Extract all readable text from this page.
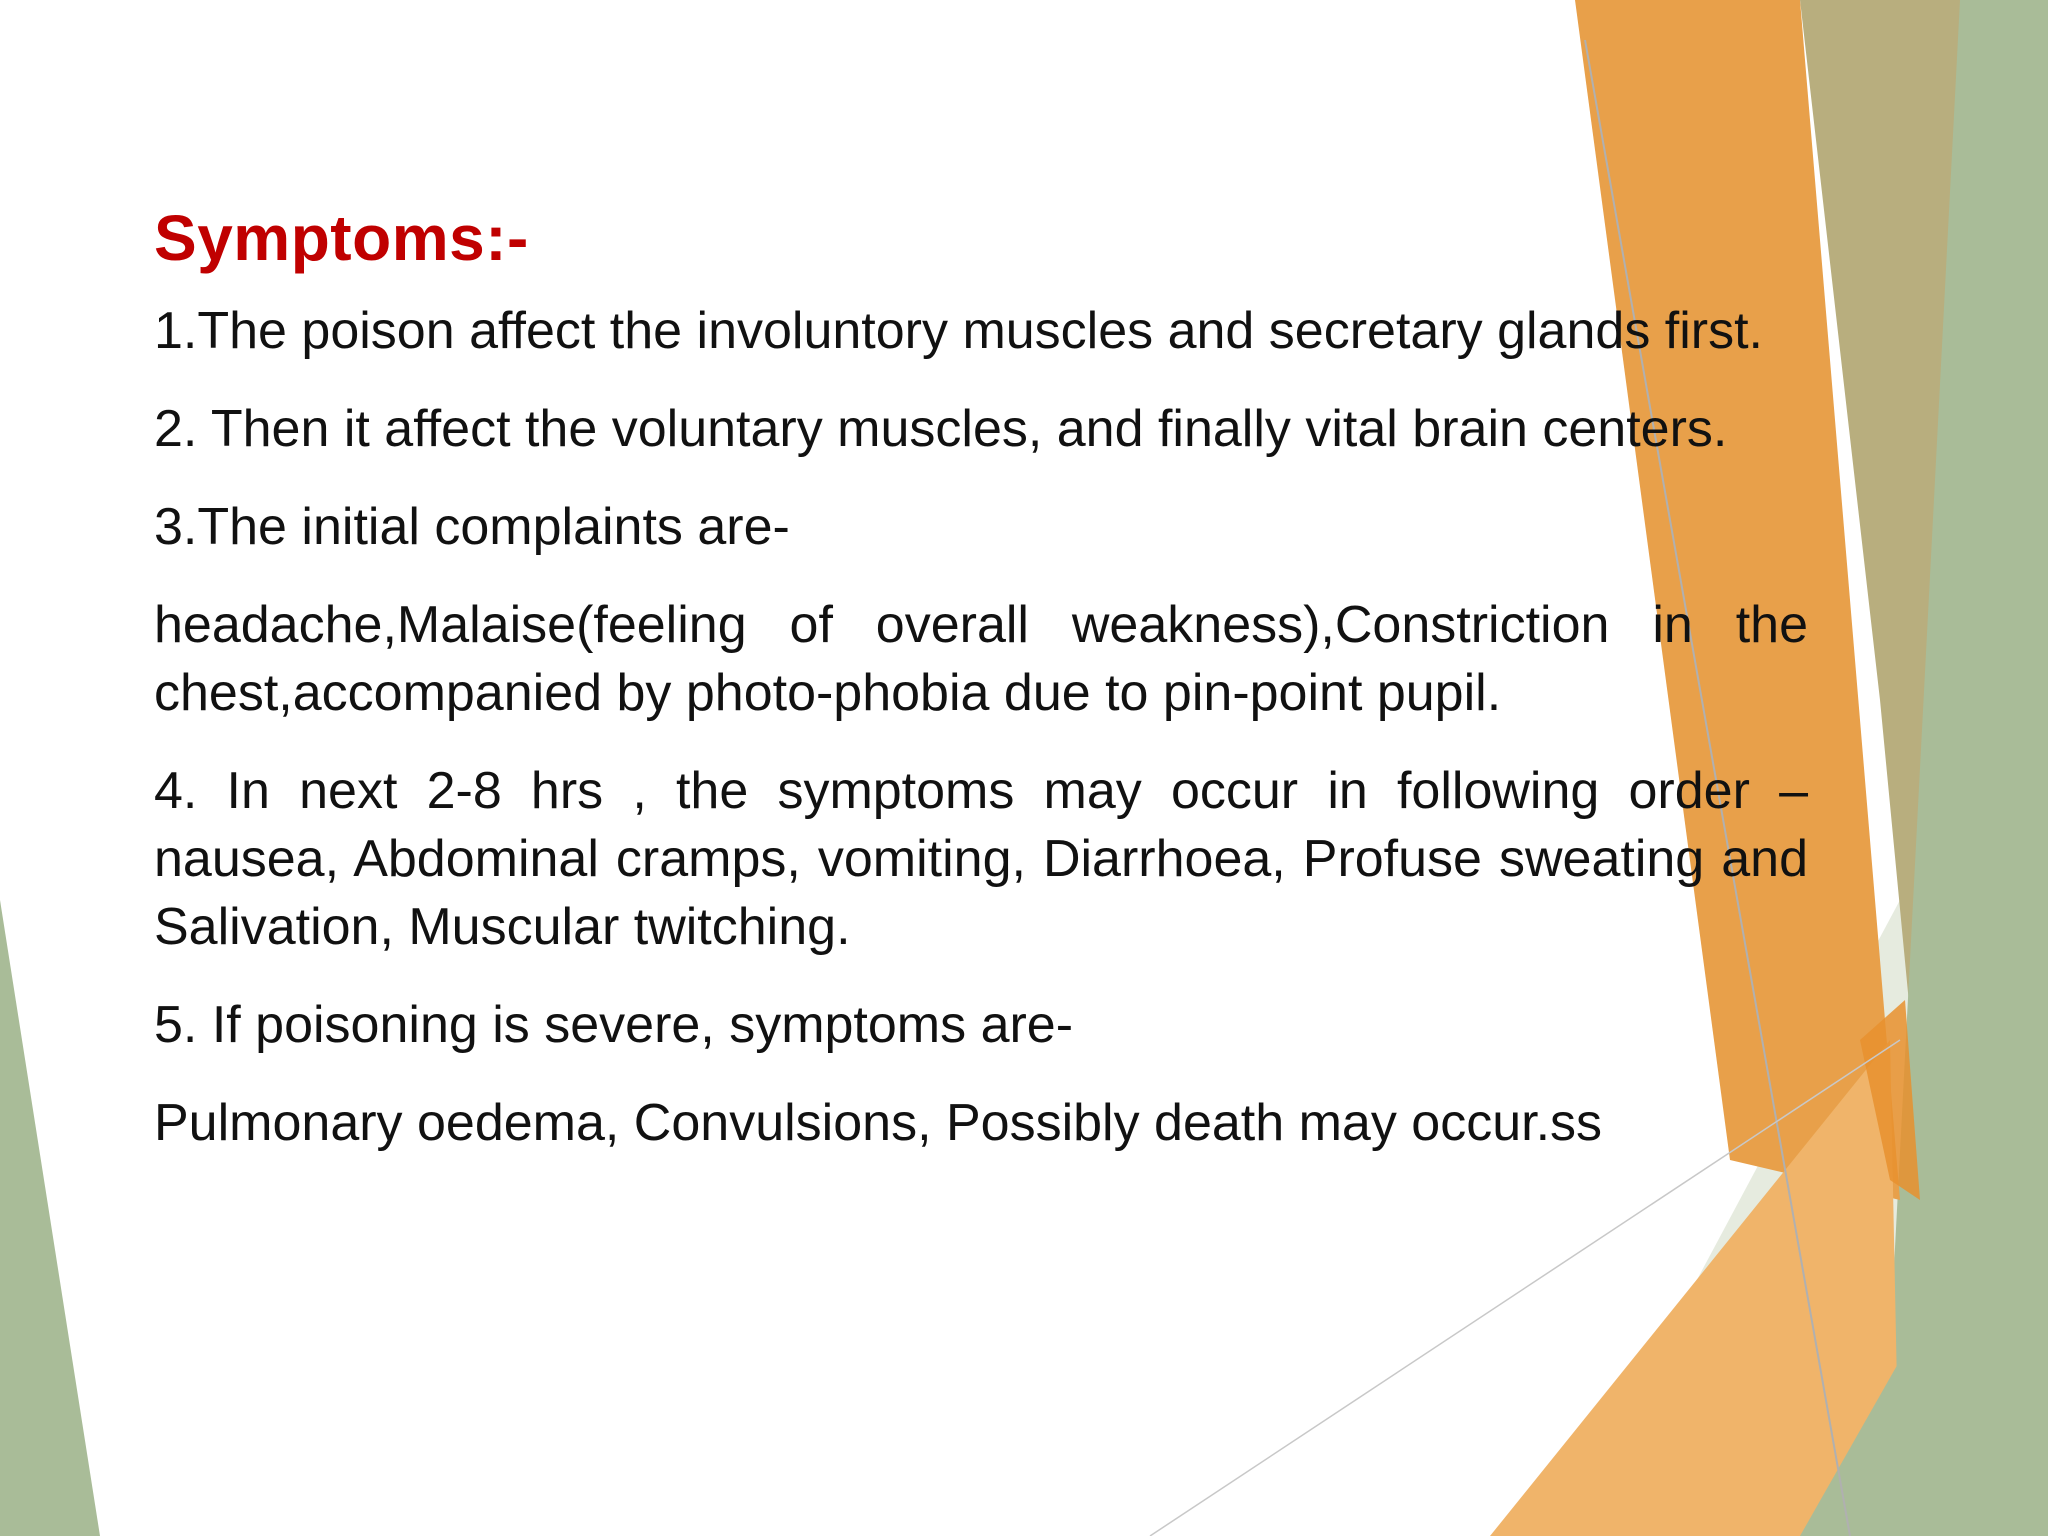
Symptoms:-

1.The poison affect the involuntory muscles and secretary glands first.

2. Then it affect the voluntary muscles, and finally vital brain centers.

3.The initial complaints are-

headache,Malaise(feeling of overall weakness),Constriction in the chest,accompanied by photo-phobia due to pin-point pupil.

4. In next 2-8 hrs , the symptoms may occur in following order – nausea, Abdominal cramps, vomiting, Diarrhoea, Profuse sweating and Salivation, Muscular twitching.

5. If poisoning is severe, symptoms are-

Pulmonary oedema, Convulsions, Possibly death may occur.ss
